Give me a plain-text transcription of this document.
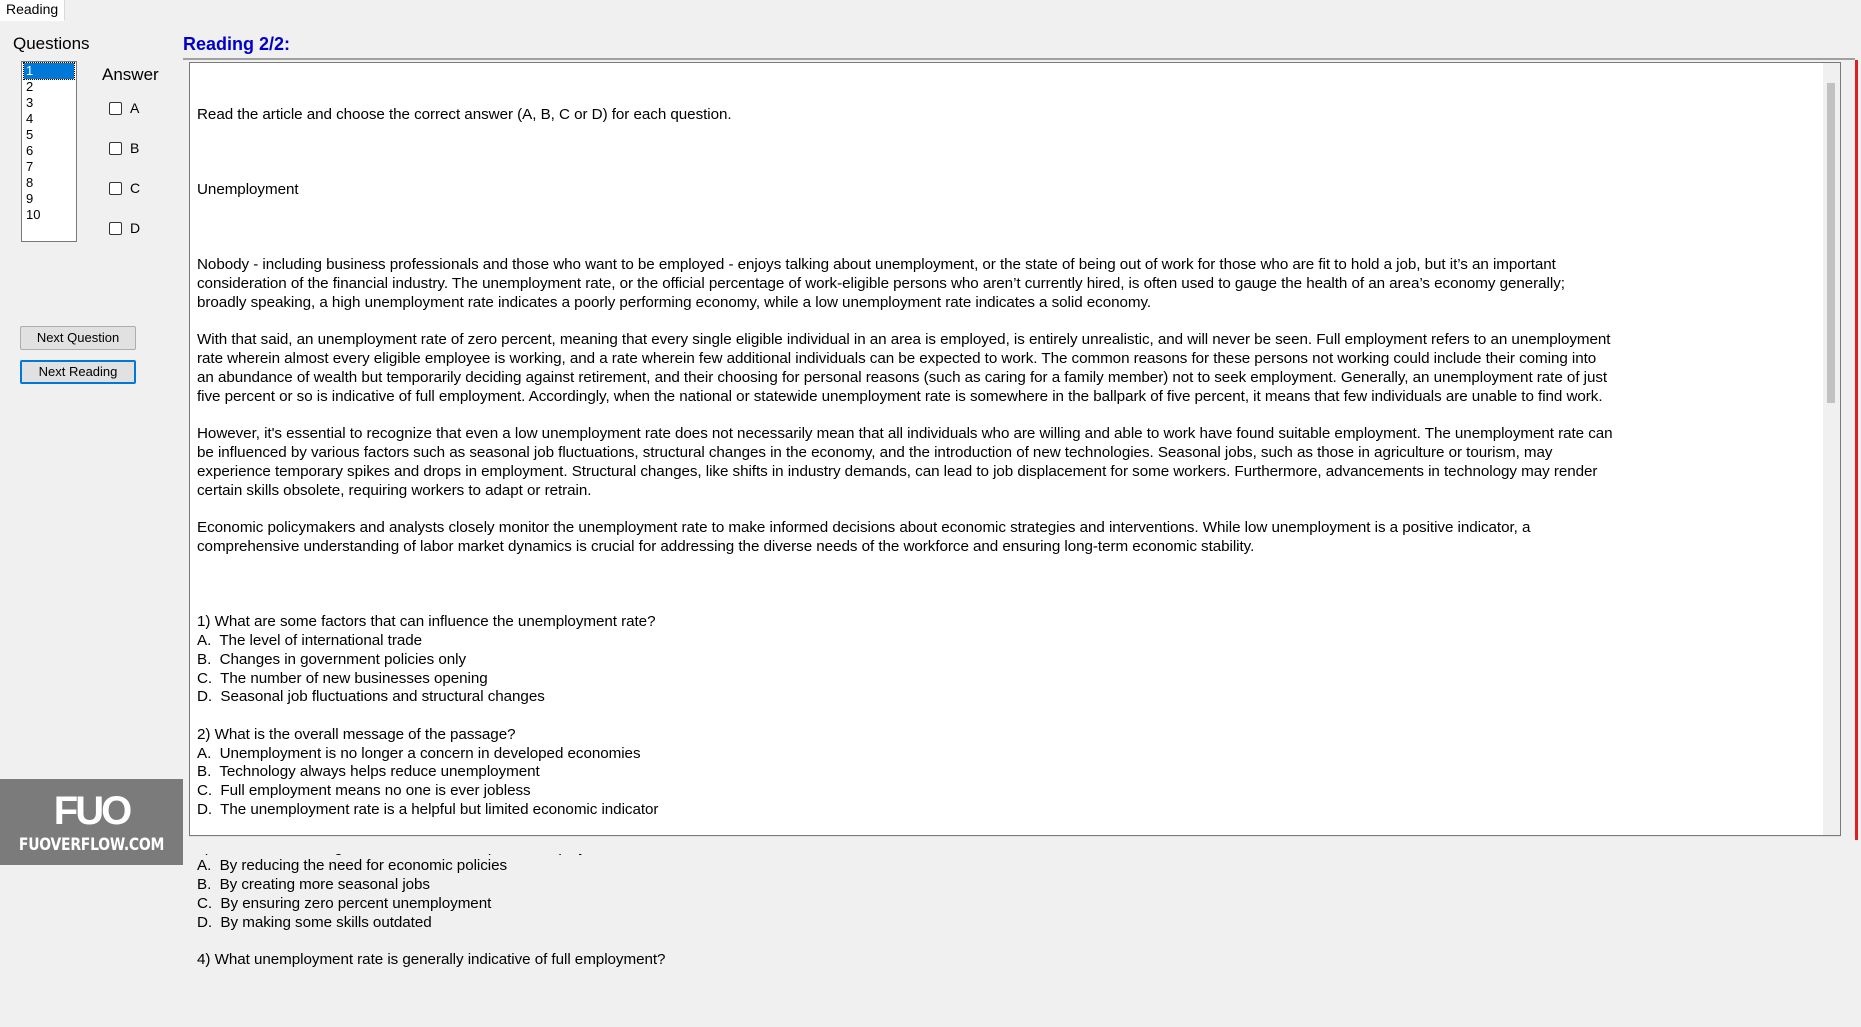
Reading
Questions
1
2
3
4
5
6
7
8
9
10
Answer
A
B
C
D
Next Question
Next Reading
Reading 2/2:

Read the article and choose the correct answer (A, B, C or D) for each question.

Unemployment

Nobody - including business professionals and those who want to be employed - enjoys talking about unemployment, or the state of being out of work for those who are fit to hold a job, but it’s an important consideration of the financial industry. The unemployment rate, or the official percentage of work-eligible persons who aren’t currently hired, is often used to gauge the health of an area’s economy generally; broadly speaking, a high unemployment rate indicates a poorly performing economy, while a low unemployment rate indicates a solid economy.

With that said, an unemployment rate of zero percent, meaning that every single eligible individual in an area is employed, is entirely unrealistic, and will never be seen. Full employment refers to an unemployment rate wherein almost every eligible employee is working, and a rate wherein few additional individuals can be expected to work. The common reasons for these persons not working could include their coming into an abundance of wealth but temporarily deciding against retirement, and their choosing for personal reasons (such as caring for a family member) not to seek employment. Generally, an unemployment rate of just five percent or so is indicative of full employment. Accordingly, when the national or statewide unemployment rate is somewhere in the ballpark of five percent, it means that few individuals are unable to find work.

However, it's essential to recognize that even a low unemployment rate does not necessarily mean that all individuals who are willing and able to work have found suitable employment. The unemployment rate can be influenced by various factors such as seasonal job fluctuations, structural changes in the economy, and the introduction of new technologies. Seasonal jobs, such as those in agriculture or tourism, may experience temporary spikes and drops in employment. Structural changes, like shifts in industry demands, can lead to job displacement for some workers. Furthermore, advancements in technology may render certain skills obsolete, requiring workers to adapt or retrain.

Economic policymakers and analysts closely monitor the unemployment rate to make informed decisions about economic strategies and interventions. While low unemployment is a positive indicator, a comprehensive understanding of labor market dynamics is crucial for addressing the diverse needs of the workforce and ensuring long-term economic stability.

1) What are some factors that can influence the unemployment rate?
A.  The level of international trade
B.  Changes in government policies only
C.  The number of new businesses opening
D.  Seasonal job fluctuations and structural changes
2) What is the overall message of the passage?
A.  Unemployment is no longer a concern in developed economies
B.  Technology always helps reduce unemployment
C.  Full employment means no one is ever jobless
D.  The unemployment rate is a helpful but limited economic indicator
A.  By reducing the need for economic policies
B.  By creating more seasonal jobs
C.  By ensuring zero percent unemployment
D.  By making some skills outdated
4) What unemployment rate is generally indicative of full employment?

FUO
FUOVERFLOW.COM
